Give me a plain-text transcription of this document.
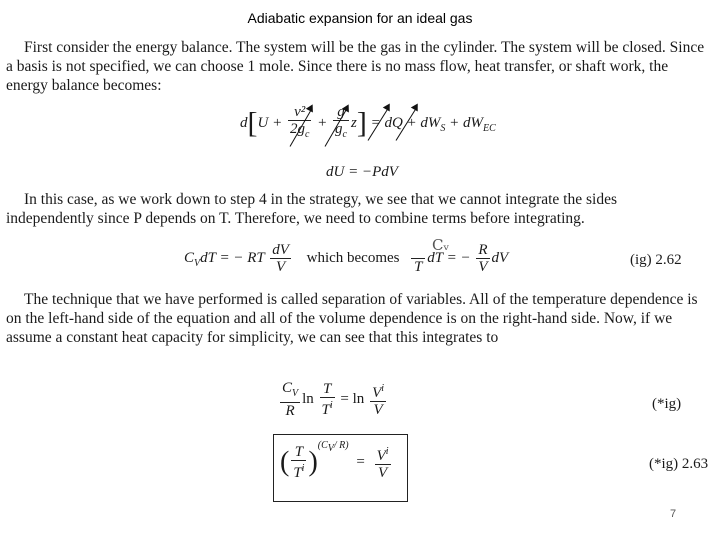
Adiabatic expansion for an ideal gas

First consider the energy balance. The system will be the gas in the cylinder. The system will be closed. Since a basis is not specified, we can choose 1 mole. Since there is no mass flow, heat transfer, or shaft work, the energy balance becomes:

$d[U + \frac{\text{v²}}{2g_c} + \frac{g}{g_c} z]$ = dQ + $dW_S + dW_{EC}$
dU = −PdV

In this case, as we work down to step 4 in the strategy, we see that we cannot integrate the sides independently since P depends on T. Therefore, we need to combine terms before integrating.

$C_VdT$ = − RT $\frac{dV}{V}$ which becomes $\frac{C}{T}$ dT = − $\frac{R}{V}$ dV
Cᵥ
(ig) 2.62

The technique that we have performed is called separation of variables. All of the temperature dependence is on the left-hand side of the equation and all of the volume dependence is on the right-hand side. Now, if we assume a constant heat capacity for simplicity, we can see that this integrates to

$\frac{C_V}{R}$ $\ln \frac{T}{T^i} = \ln \frac{V^i}{V}$	(*ig)
( $\frac{T}{T^i} )^{(C_V/ R)} = \frac{V^i}{V}$	(*ig) 2.63
7
